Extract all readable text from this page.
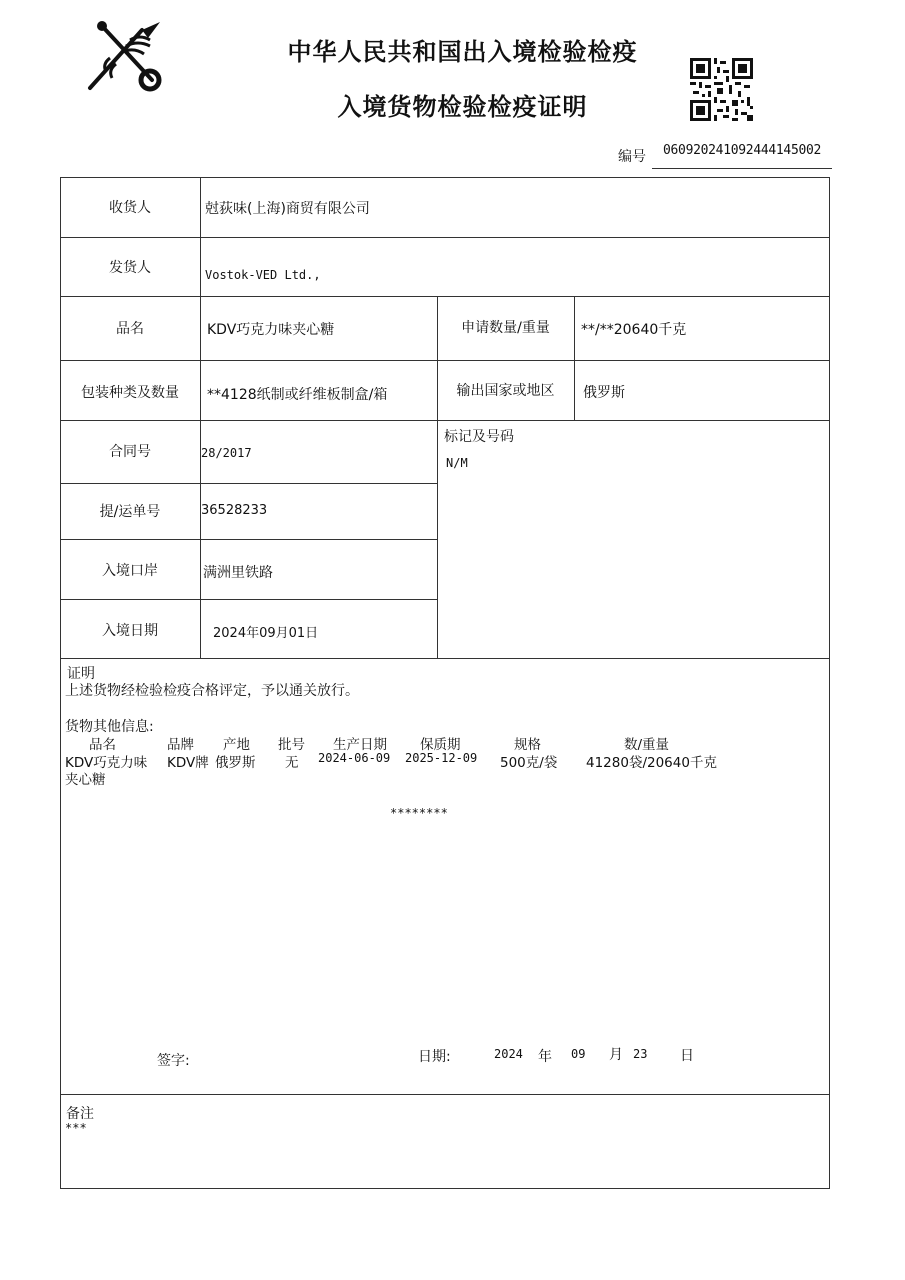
中华人民共和国出入境检验检疫
入境货物检验检疫证明
编号 06092024109244414500​2
收货人	尅荻味(上海)商贸有限公司
发货人	Vostok-VED Ltd.,
品名	KDV巧克力味夹心糖	申请数量/重量	**/**20640千克
包装种类及数量	**4128纸制或纤维板制盒/箱	输出国家或地区	俄罗斯
合同号	28/2017
标记及号码
N/M
提/运单号	36528233
入境口岸	满洲里铁路
入境日期	2024年09月01日
证明
上述货物经检验检疫合格评定，予以通关放行。
货物其他信息:
品名	品牌 产地 批号 生产日期 保质期	规格	数/重量
KDV巧克力味 KDV牌 俄罗斯 无 2024-06-09 2025-12-09 500克/袋 41280袋/20640千克
夹心糖
********
签字:	日期:	2024 年 09 月 23 日
备注
***
